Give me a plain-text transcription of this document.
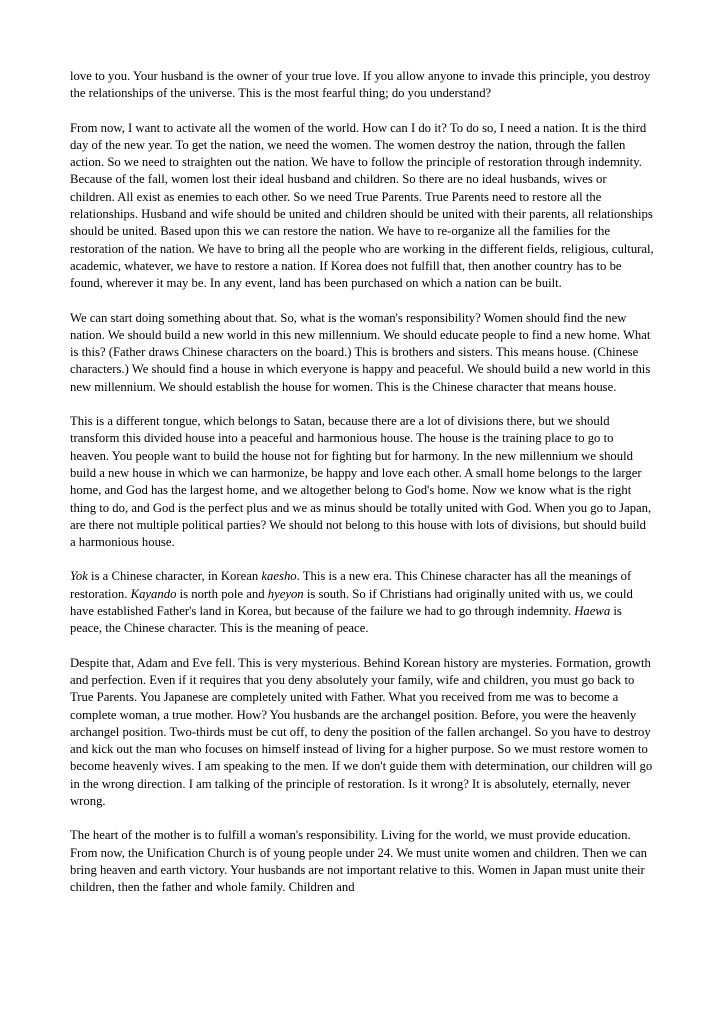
love to you. Your husband is the owner of your true love. If you allow anyone to invade this principle, you destroy the relationships of the universe. This is the most fearful thing; do you understand?

From now, I want to activate all the women of the world. How can I do it? To do so, I need a nation. It is the third day of the new year. To get the nation, we need the women. The women destroy the nation, through the fallen action. So we need to straighten out the nation. We have to follow the principle of restoration through indemnity. Because of the fall, women lost their ideal husband and children. So there are no ideal husbands, wives or children. All exist as enemies to each other. So we need True Parents. True Parents need to restore all the relationships. Husband and wife should be united and children should be united with their parents, all relationships should be united. Based upon this we can restore the nation. We have to re-organize all the families for the restoration of the nation. We have to bring all the people who are working in the different fields, religious, cultural, academic, whatever, we have to restore a nation. If Korea does not fulfill that, then another country has to be found, wherever it may be. In any event, land has been purchased on which a nation can be built.

We can start doing something about that. So, what is the woman's responsibility? Women should find the new nation. We should build a new world in this new millennium. We should educate people to find a new home. What is this? (Father draws Chinese characters on the board.) This is brothers and sisters. This means house. (Chinese characters.) We should find a house in which everyone is happy and peaceful. We should build a new world in this new millennium. We should establish the house for women. This is the Chinese character that means house.

This is a different tongue, which belongs to Satan, because there are a lot of divisions there, but we should transform this divided house into a peaceful and harmonious house. The house is the training place to go to heaven. You people want to build the house not for fighting but for harmony. In the new millennium we should build a new house in which we can harmonize, be happy and love each other. A small home belongs to the larger home, and God has the largest home, and we altogether belong to God's home. Now we know what is the right thing to do, and God is the perfect plus and we as minus should be totally united with God. When you go to Japan, are there not multiple political parties? We should not belong to this house with lots of divisions, but should build a harmonious house.

Yok is a Chinese character, in Korean kaesho. This is a new era. This Chinese character has all the meanings of restoration. Kayando is north pole and hyeyon is south. So if Christians had originally united with us, we could have established Father's land in Korea, but because of the failure we had to go through indemnity. Haewa is peace, the Chinese character. This is the meaning of peace.

Despite that, Adam and Eve fell. This is very mysterious. Behind Korean history are mysteries. Formation, growth and perfection. Even if it requires that you deny absolutely your family, wife and children, you must go back to True Parents. You Japanese are completely united with Father. What you received from me was to become a complete woman, a true mother. How? You husbands are the archangel position. Before, you were the heavenly archangel position. Two-thirds must be cut off, to deny the position of the fallen archangel. So you have to destroy and kick out the man who focuses on himself instead of living for a higher purpose. So we must restore women to become heavenly wives. I am speaking to the men. If we don't guide them with determination, our children will go in the wrong direction. I am talking of the principle of restoration. Is it wrong? It is absolutely, eternally, never wrong.

The heart of the mother is to fulfill a woman's responsibility. Living for the world, we must provide education. From now, the Unification Church is of young people under 24. We must unite women and children. Then we can bring heaven and earth victory. Your husbands are not important relative to this. Women in Japan must unite their children, then the father and whole family. Children and
